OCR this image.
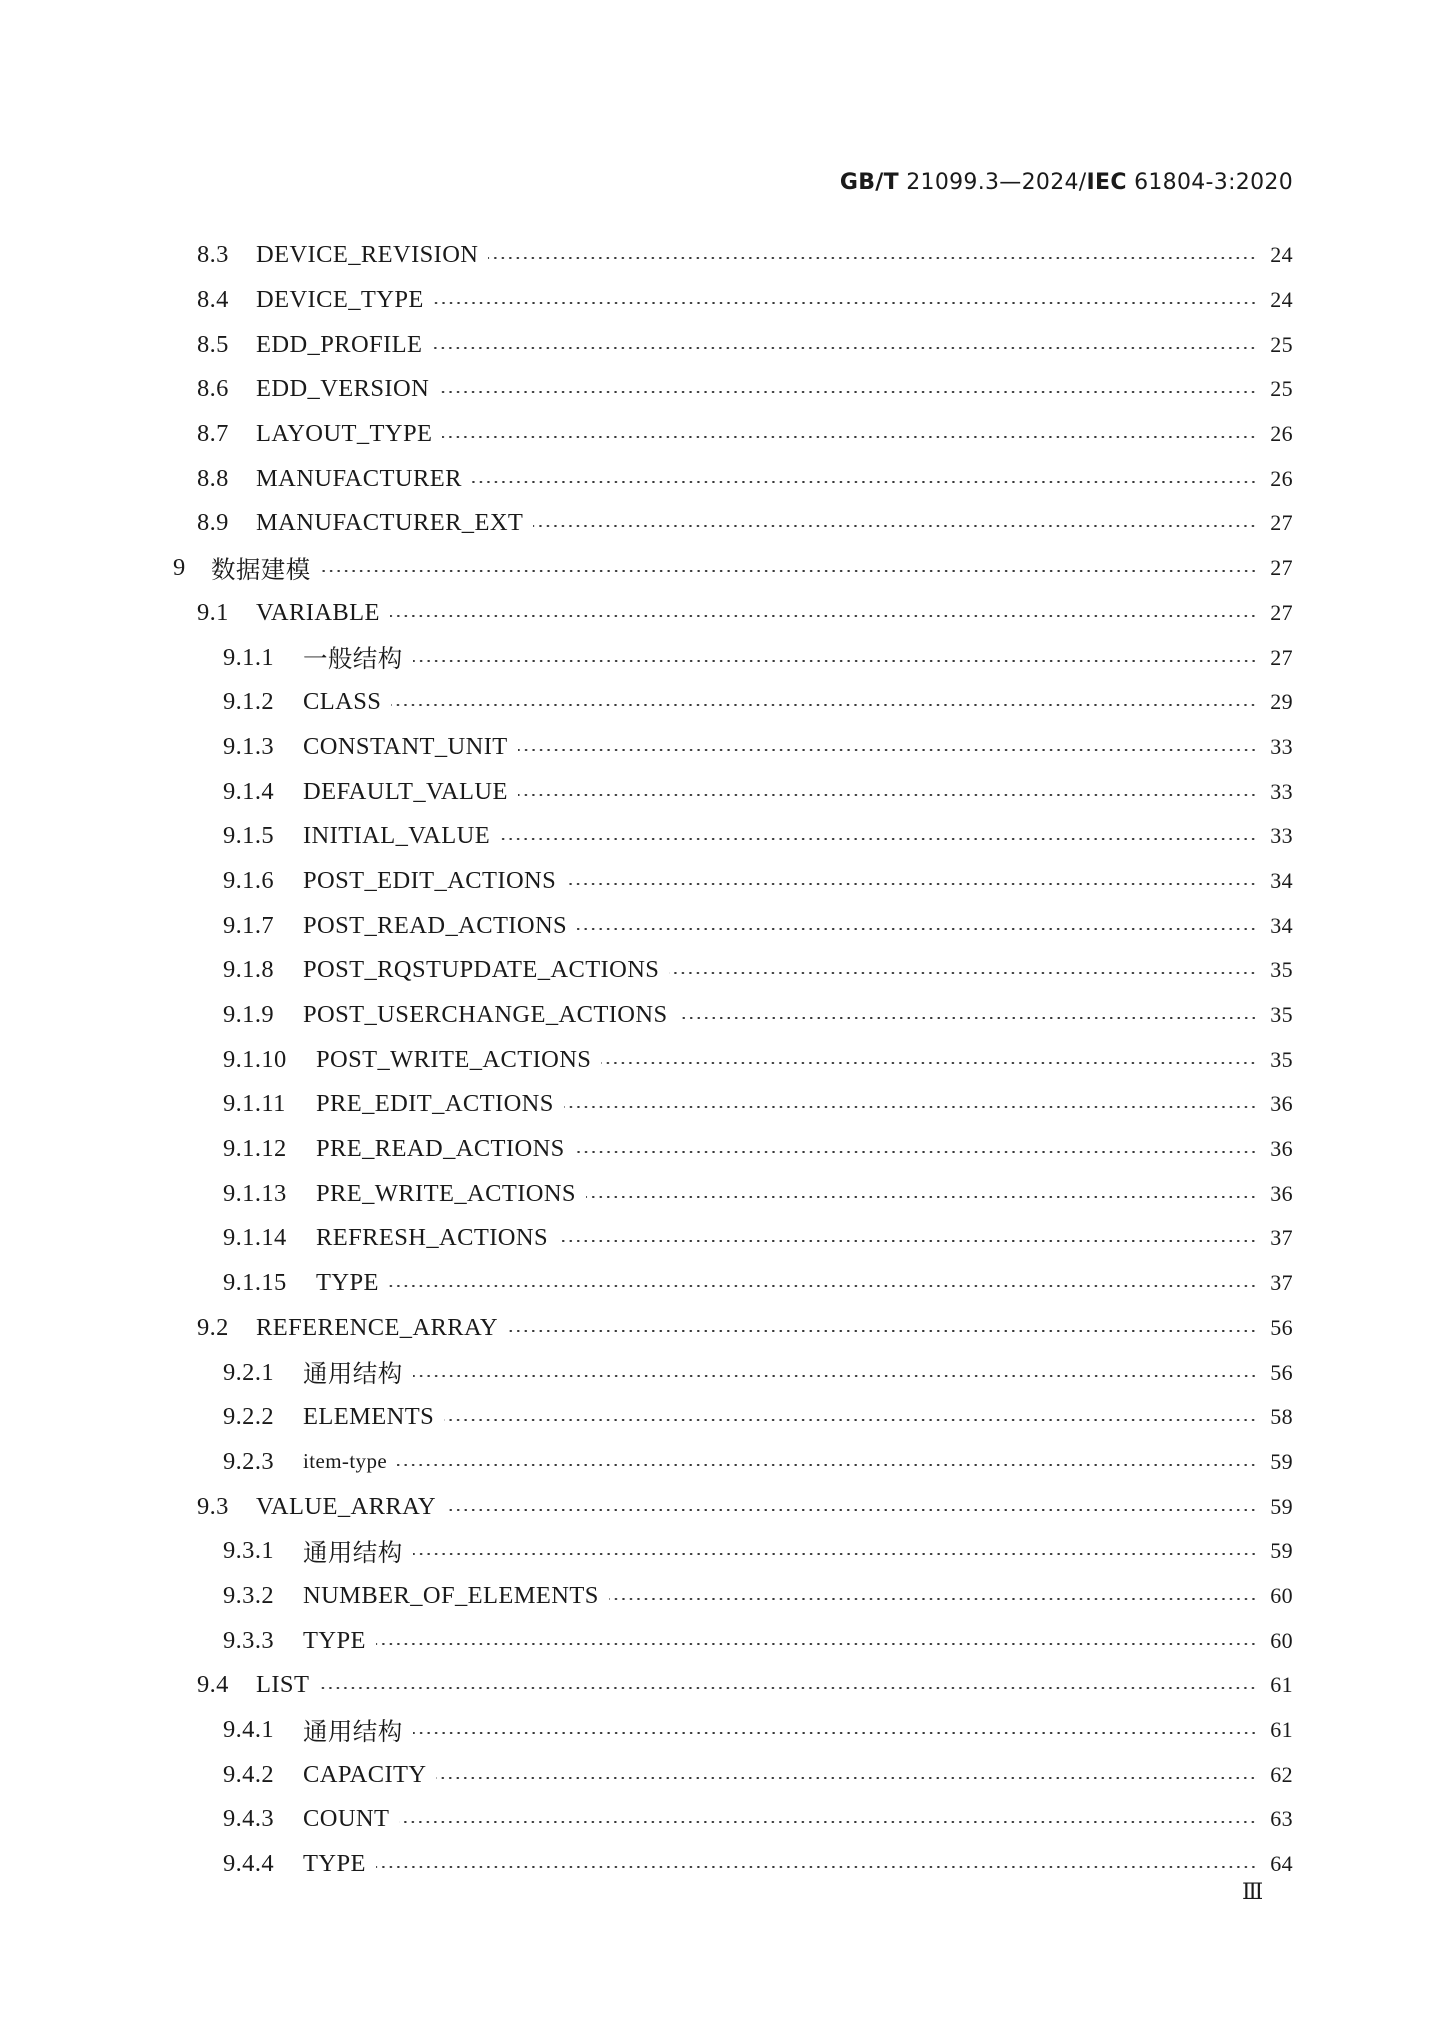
GB/T 21099.3—2024/IEC 61804-3:2020
8.3	DEVICE_REVISION	24
8.4	DEVICE_TYPE	24
8.5	EDD_PROFILE	25
8.6	EDD_VERSION	25
8.7	LAYOUT_TYPE	26
8.8	MANUFACTURER	26
8.9	MANUFACTURER_EXT	27
9	数据建模	27
9.1	VARIABLE	27
9.1.1	一般结构	27
9.1.2	CLASS	29
9.1.3	CONSTANT_UNIT	33
9.1.4	DEFAULT_VALUE	33
9.1.5	INITIAL_VALUE	33
9.1.6	POST_EDIT_ACTIONS	34
9.1.7	POST_READ_ACTIONS	34
9.1.8	POST_RQSTUPDATE_ACTIONS	35
9.1.9	POST_USERCHANGE_ACTIONS	35
9.1.10	POST_WRITE_ACTIONS	35
9.1.11	PRE_EDIT_ACTIONS	36
9.1.12	PRE_READ_ACTIONS	36
9.1.13	PRE_WRITE_ACTIONS	36
9.1.14	REFRESH_ACTIONS	37
9.1.15	TYPE	37
9.2	REFERENCE_ARRAY	56
9.2.1	通用结构	56
9.2.2	ELEMENTS	58
9.2.3	item-type	59
9.3	VALUE_ARRAY	59
9.3.1	通用结构	59
9.3.2	NUMBER_OF_ELEMENTS	60
9.3.3	TYPE	60
9.4	LIST	61
9.4.1	通用结构	61
9.4.2	CAPACITY	62
9.4.3	COUNT	63
9.4.4	TYPE	64
Ⅲ
